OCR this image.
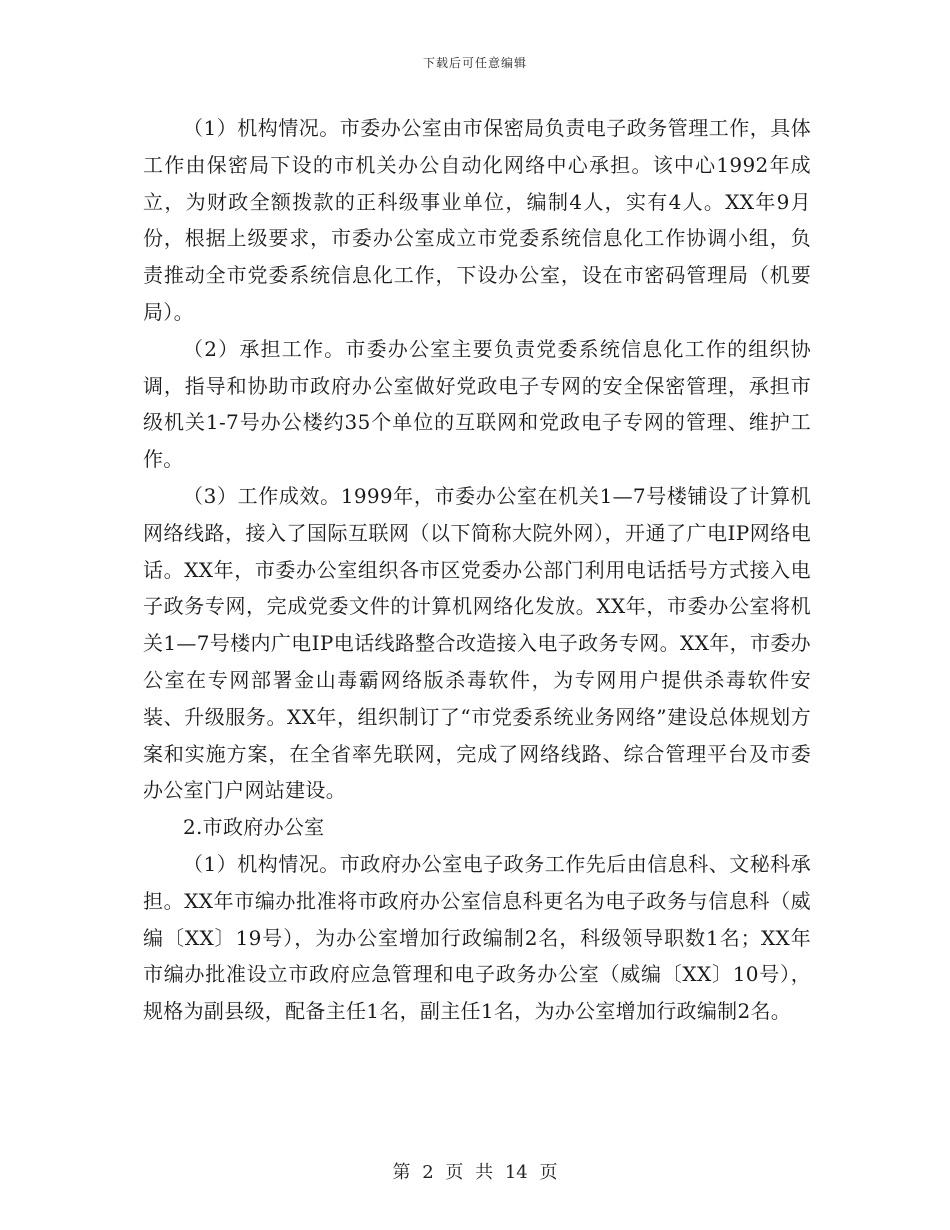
下载后可任意编辑

（1）机构情况。市委办公室由市保密局负责电子政务管理工作，具体工作由保密局下设的市机关办公自动化网络中心承担。该中心1992年成立，为财政全额拨款的正科级事业单位，编制4人，实有4人。XX年9月份，根据上级要求，市委办公室成立市党委系统信息化工作协调小组，负责推动全市党委系统信息化工作，下设办公室，设在市密码管理局（机要局）。

（2）承担工作。市委办公室主要负责党委系统信息化工作的组织协调，指导和协助市政府办公室做好党政电子专网的安全保密管理，承担市级机关1-7号办公楼约35个单位的互联网和党政电子专网的管理、维护工作。

（3）工作成效。1999年，市委办公室在机关1—7号楼铺设了计算机网络线路，接入了国际互联网（以下简称大院外网），开通了广电IP网络电话。XX年，市委办公室组织各市区党委办公部门利用电话括号方式接入电子政务专网，完成党委文件的计算机网络化发放。XX年，市委办公室将机关1—7号楼内广电IP电话线路整合改造接入电子政务专网。XX年，市委办公室在专网部署金山毒霸网络版杀毒软件，为专网用户提供杀毒软件安装、升级服务。XX年，组织制订了“市党委系统业务网络”建设总体规划方案和实施方案，在全省率先联网，完成了网络线路、综合管理平台及市委办公室门户网站建设。

2.市政府办公室

（1）机构情况。市政府办公室电子政务工作先后由信息科、文秘科承担。XX年市编办批准将市政府办公室信息科更名为电子政务与信息科（威编〔XX〕19号），为办公室增加行政编制2名，科级领导职数1名；XX年市编办批准设立市政府应急管理和电子政务办公室（威编〔XX〕10号），规格为副县级，配备主任1名，副主任1名，为办公室增加行政编制2名。

第 2 页 共 14 页
